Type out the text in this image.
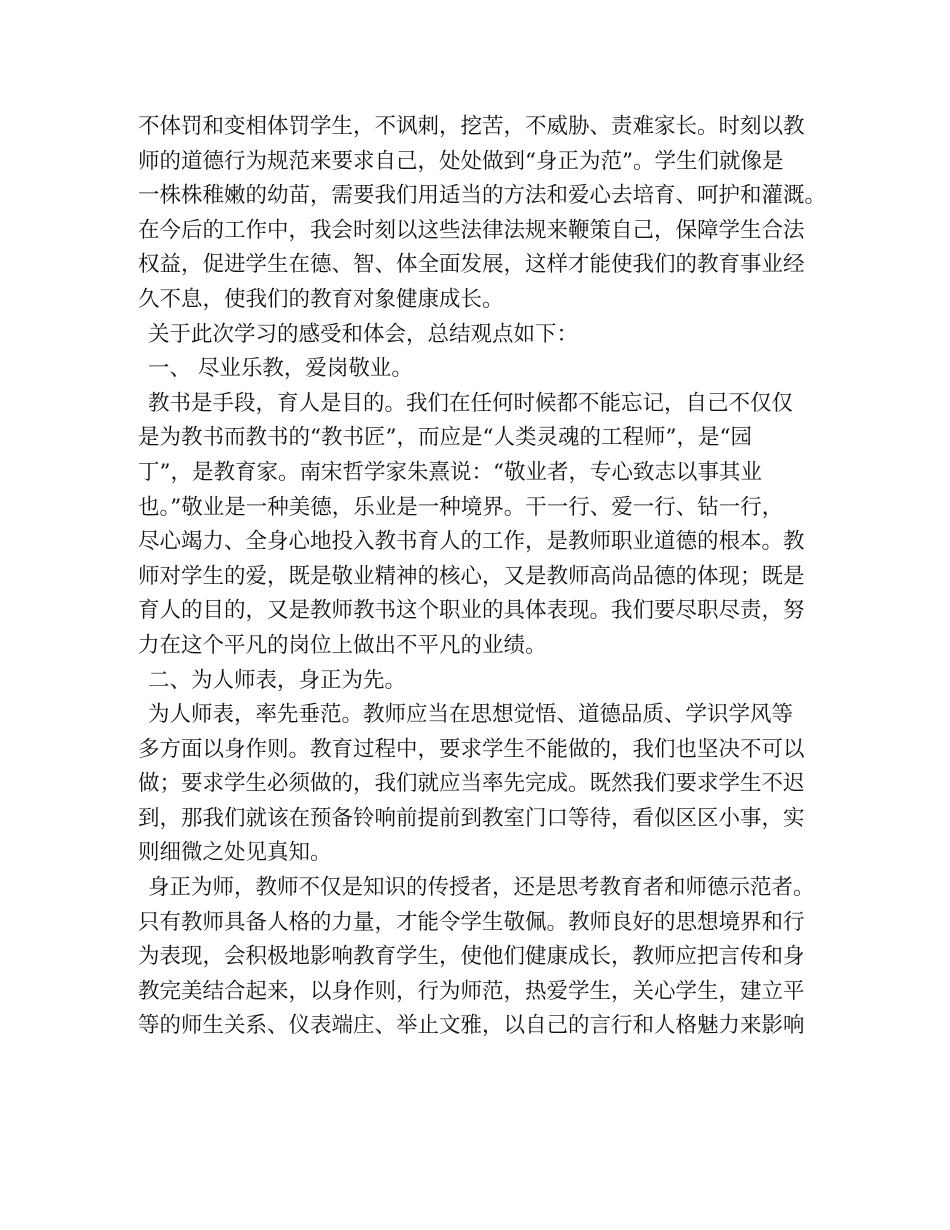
不体罚和变相体罚学生，不讽刺，挖苦，不威胁、责难家长。时刻以教
师的道德行为规范来要求自己，处处做到“身正为范”。学生们就像是
一株株稚嫩的幼苗，需要我们用适当的方法和爱心去培育、呵护和灌溉。
在今后的工作中，我会时刻以这些法律法规来鞭策自己，保障学生合法
权益，促进学生在德、智、体全面发展，这样才能使我们的教育事业经
久不息，使我们的教育对象健康成长。
关于此次学习的感受和体会，总结观点如下：
一、 尽业乐教，爱岗敬业。
教书是手段，育人是目的。我们在任何时候都不能忘记，自己不仅仅
是为教书而教书的“教书匠”，而应是“人类灵魂的工程师”，是“园
丁”，是教育家。南宋哲学家朱熹说：“敬业者，专心致志以事其业
也。”敬业是一种美德，乐业是一种境界。干一行、爱一行、钻一行，
尽心竭力、全身心地投入教书育人的工作，是教师职业道德的根本。教
师对学生的爱，既是敬业精神的核心，又是教师高尚品德的体现；既是
育人的目的，又是教师教书这个职业的具体表现。我们要尽职尽责，努
力在这个平凡的岗位上做出不平凡的业绩。
二、为人师表，身正为先。
为人师表，率先垂范。教师应当在思想觉悟、道德品质、学识学风等
多方面以身作则。教育过程中，要求学生不能做的，我们也坚决不可以
做；要求学生必须做的，我们就应当率先完成。既然我们要求学生不迟
到，那我们就该在预备铃响前提前到教室门口等待，看似区区小事，实
则细微之处见真知。
身正为师，教师不仅是知识的传授者，还是思考教育者和师德示范者。
只有教师具备人格的力量，才能令学生敬佩。教师良好的思想境界和行
为表现，会积极地影响教育学生，使他们健康成长，教师应把言传和身
教完美结合起来，以身作则，行为师范，热爱学生，关心学生，建立平
等的师生关系、仪表端庄、举止文雅，以自己的言行和人格魅力来影响
